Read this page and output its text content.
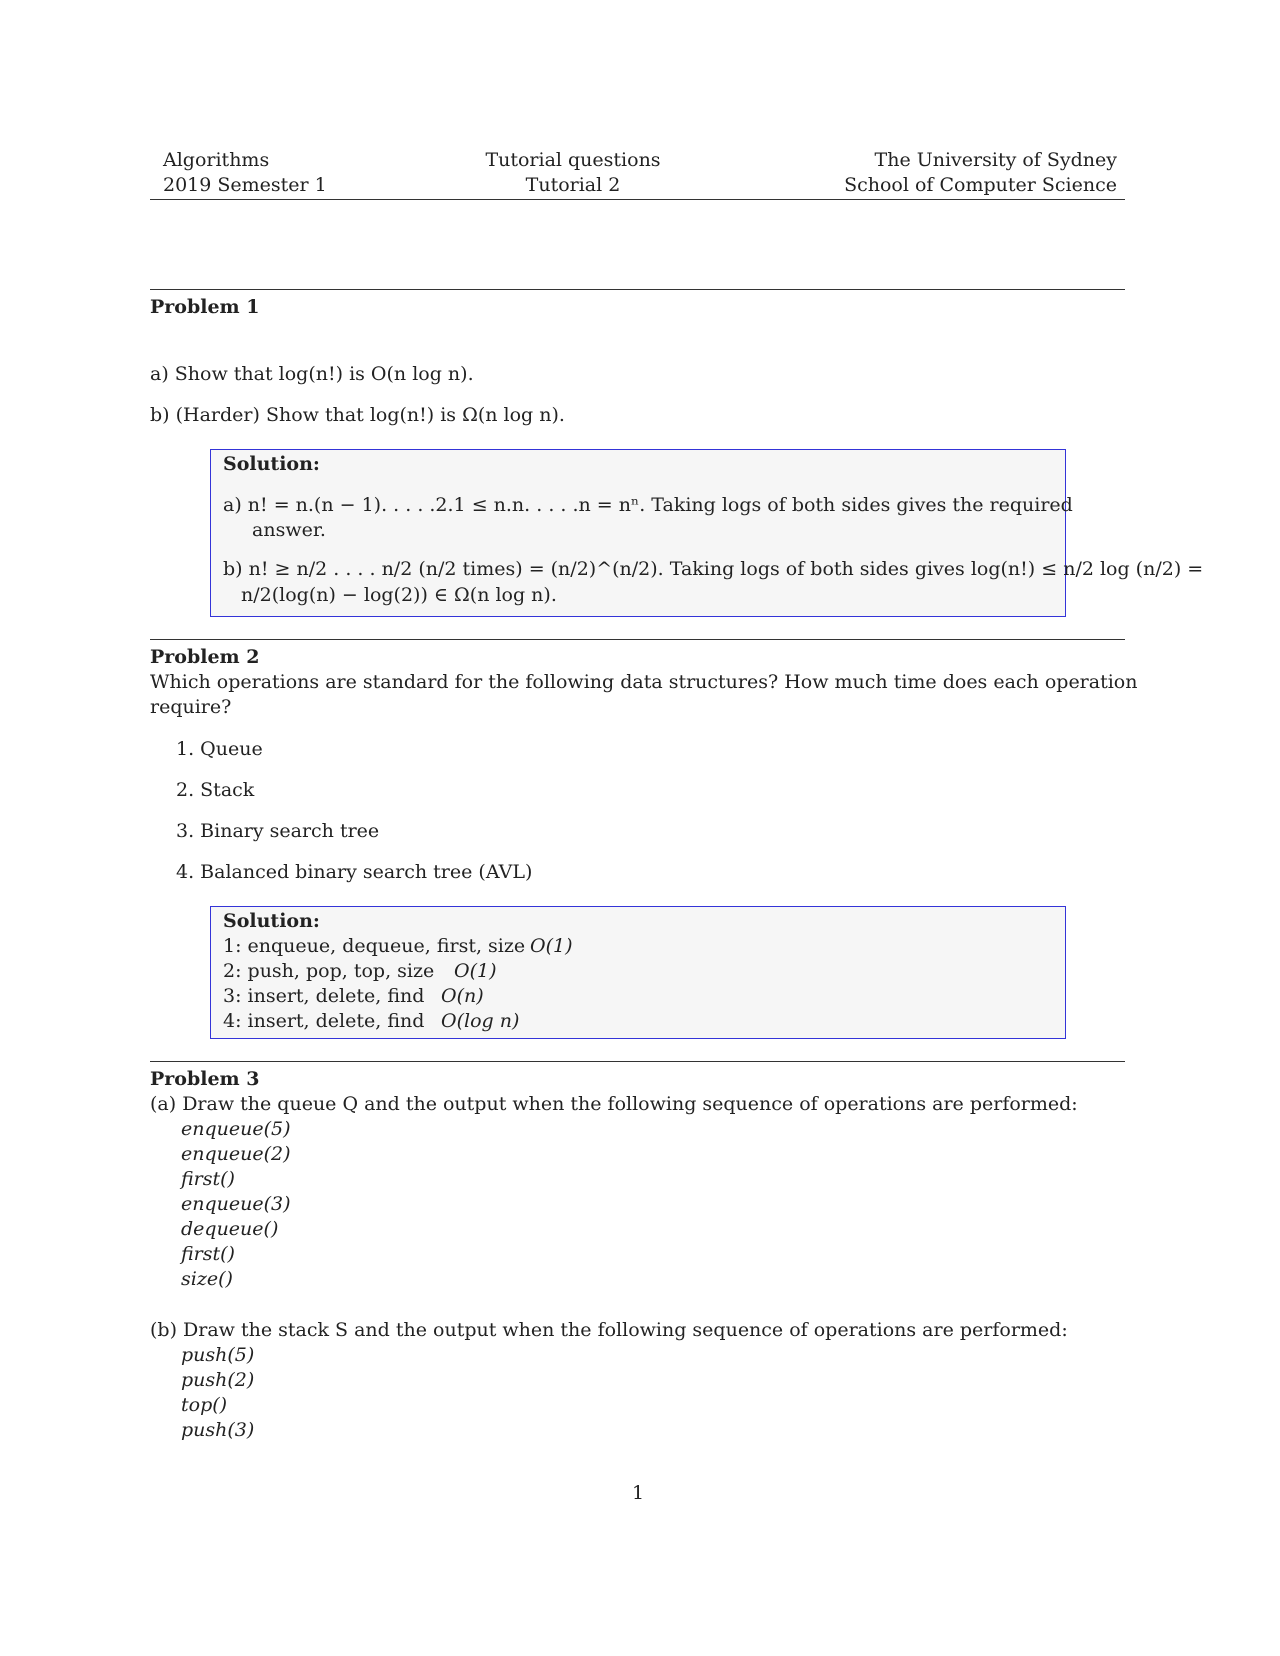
Algorithms
2019 Semester 1
Tutorial questions
Tutorial 2
The University of Sydney
School of Computer Science
Problem 1
a) Show that log(n!) is O(n log n).
b) (Harder) Show that log(n!) is Ω(n log n).
Solution:
a) n! = n.(n − 1). . . . .2.1 ≤ n.n. . . . .n = nⁿ. Taking logs of both sides gives the required
answer.
b) n! ≥ n/2 . . . . n/2 (n/2 times) = (n/2)^(n/2). Taking logs of both sides gives log(n!) ≤ n/2 log (n/2) =
n/2(log(n) − log(2)) ∈ Ω(n log n).
Problem 2
Which operations are standard for the following data structures? How much time does each operation
require?
1. Queue
2. Stack
3. Binary search tree
4. Balanced binary search tree (AVL)
Solution:
1: enqueue, dequeue, first, size O(1)
2: push, pop, top, size O(1)
3: insert, delete, find O(n)
4: insert, delete, find O(log n)
Problem 3
(a) Draw the queue Q and the output when the following sequence of operations are performed:
enqueue(5)
enqueue(2)
first()
enqueue(3)
dequeue()
first()
size()
(b) Draw the stack S and the output when the following sequence of operations are performed:
push(5)
push(2)
top()
push(3)
1
